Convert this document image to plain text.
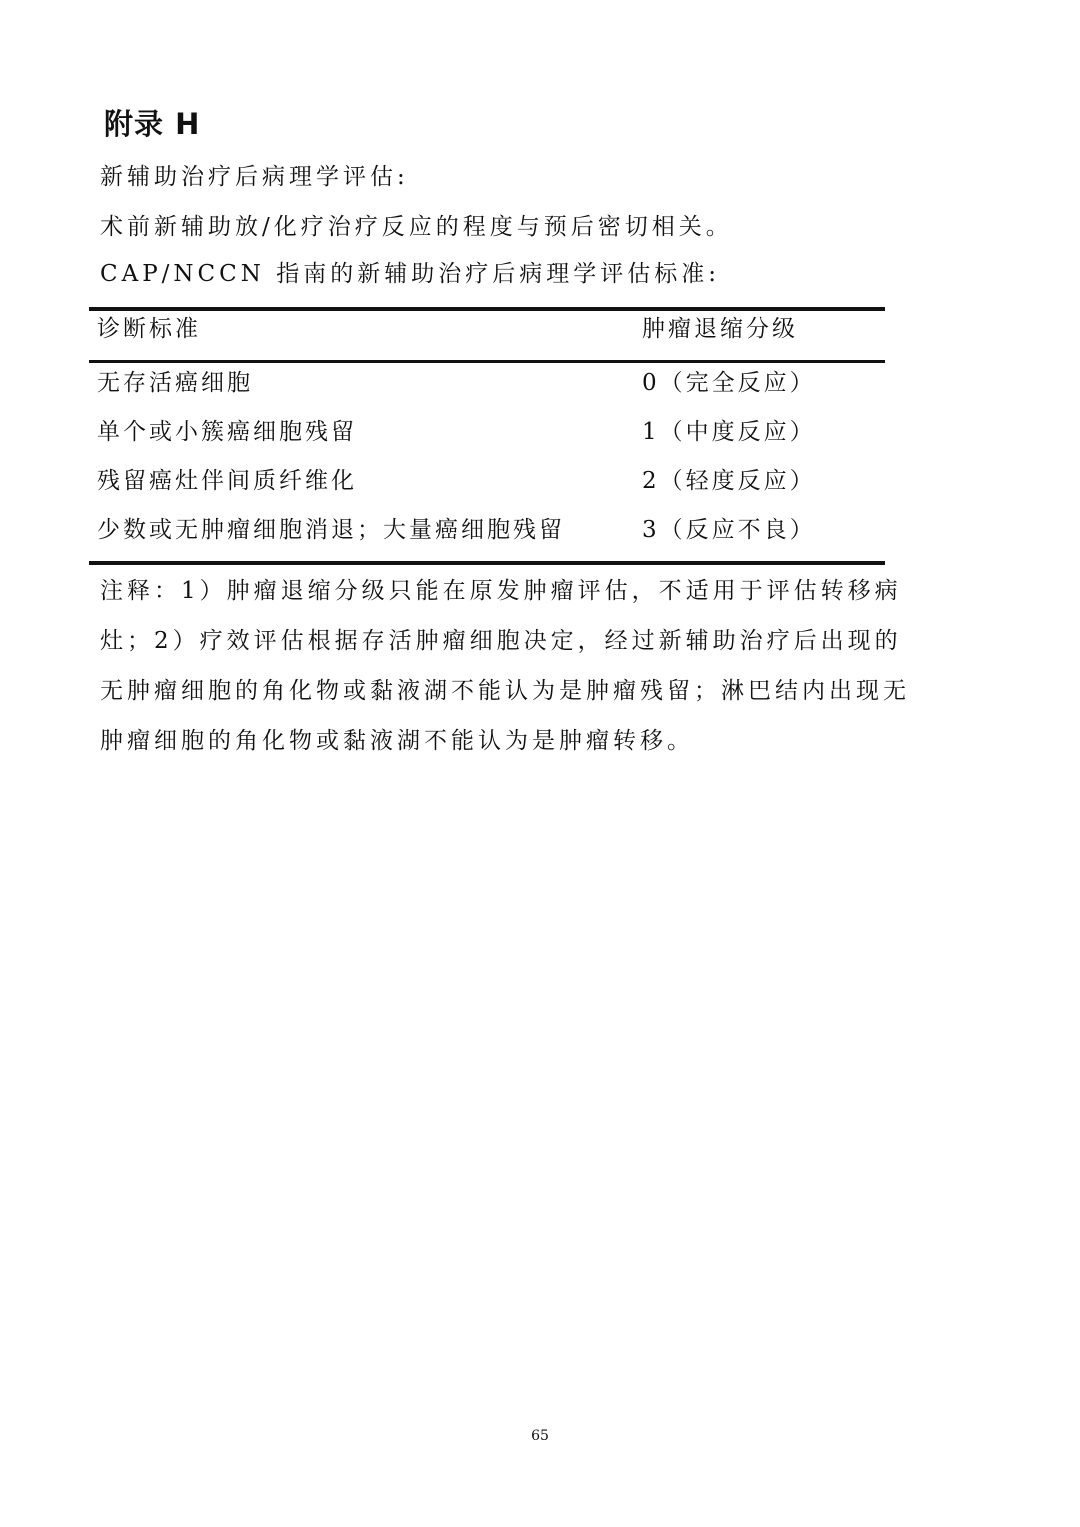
附录 H
新辅助治疗后病理学评估:
术前新辅助放/化疗治疗反应的程度与预后密切相关。
CAP/NCCN 指南的新辅助治疗后病理学评估标准:
诊断标准	肿瘤退缩分级
无存活癌细胞	0（完全反应）
单个或小簇癌细胞残留	1（中度反应）
残留癌灶伴间质纤维化	2（轻度反应）
少数或无肿瘤细胞消退；大量癌细胞残留	3（反应不良）
注释：1）肿瘤退缩分级只能在原发肿瘤评估，不适用于评估转移病
灶；2）疗效评估根据存活肿瘤细胞决定，经过新辅助治疗后出现的
无肿瘤细胞的角化物或黏液湖不能认为是肿瘤残留；淋巴结内出现无
肿瘤细胞的角化物或黏液湖不能认为是肿瘤转移。
65
